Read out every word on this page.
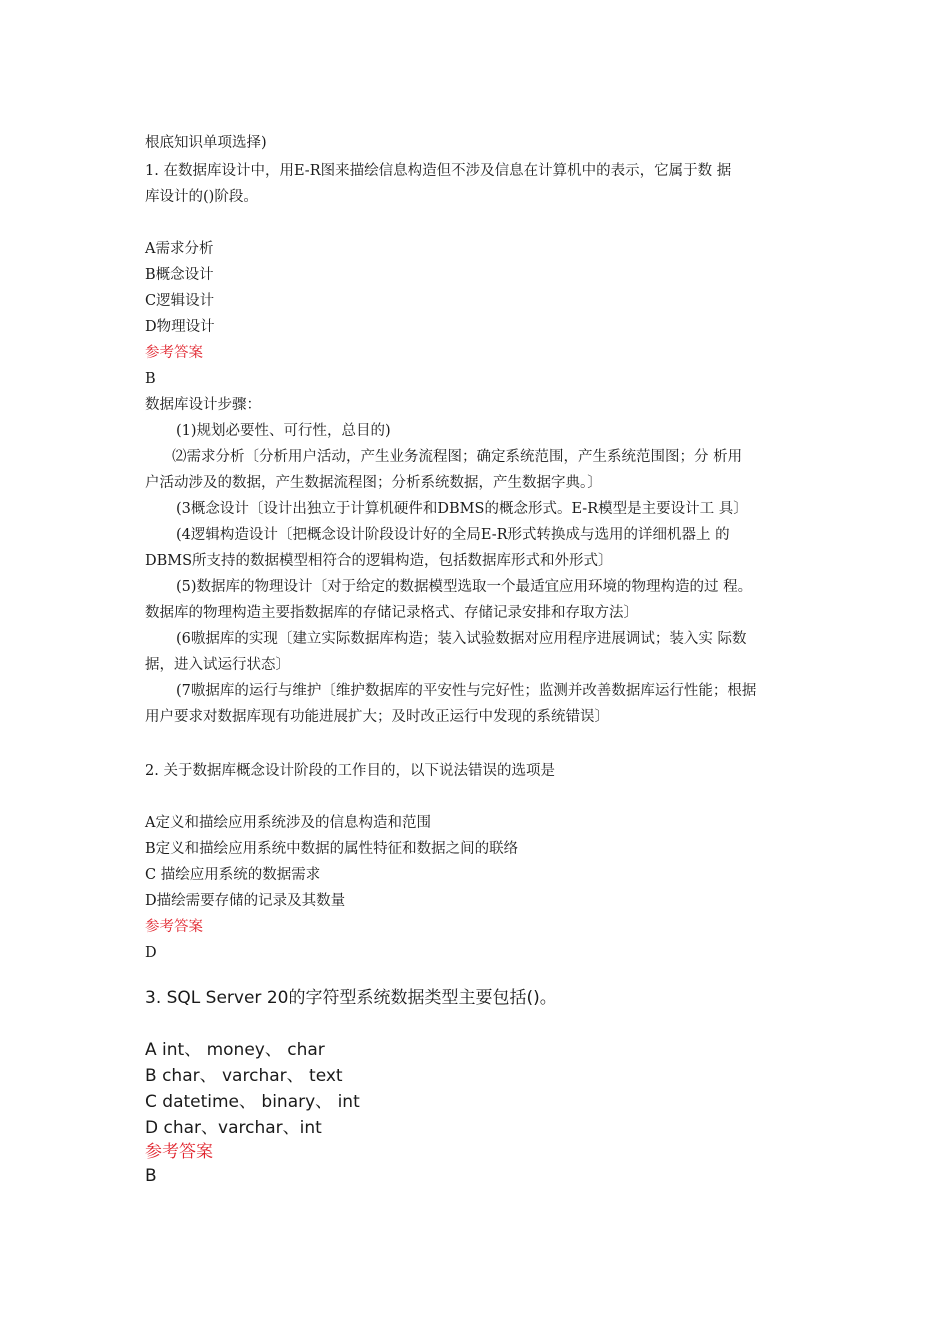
根底知识单项选择)
1. 在数据库设计中，用E-R图来描绘信息构造但不涉及信息在计算机中的表示，它属于数 据
库设计的()阶段。
A需求分析
B概念设计
C逻辑设计
D物理设计
参考答案
B
数据库设计步骤：
(1)规划必要性、可行性，总目的)
⑵需求分析〔分析用户活动，产生业务流程图；确定系统范围，产生系统范围图；分 析用
户活动涉及的数据，产生数据流程图；分析系统数据，产生数据字典。〕
(3概念设计〔设计出独立于计算机硬件和DBMS的概念形式。E-R模型是主要设计工 具〕
(4逻辑构造设计〔把概念设计阶段设计好的全局E-R形式转换成与选用的详细机器上 的
DBMS所支持的数据模型相符合的逻辑构造，包括数据库形式和外形式〕
(5)数据库的物理设计〔对于给定的数据模型选取一个最适宜应用环境的物理构造的过 程。
数据库的物理构造主要指数据库的存储记录格式、存储记录安排和存取方法〕
(6嗷据库的实现〔建立实际数据库构造；装入试验数据对应用程序进展调试；装入实 际数
据，进入试运行状态〕
(7嗷据库的运行与维护〔维护数据库的平安性与完好性；监测并改善数据库运行性能；根据
用户要求对数据库现有功能进展扩大；及时改正运行中发现的系统错误〕
2. 关于数据库概念设计阶段的工作目的，以下说法错误的选项是
A定义和描绘应用系统涉及的信息构造和范围
B定义和描绘应用系统中数据的属性特征和数据之间的联络
C 描绘应用系统的数据需求
D描绘需要存储的记录及其数量
参考答案
D
3. SQL Server 20的字符型系统数据类型主要包括()。
A int、 money、 char
B char、 varchar、 text
C datetime、 binary、 int
D char、varchar、int
参考答案
B
